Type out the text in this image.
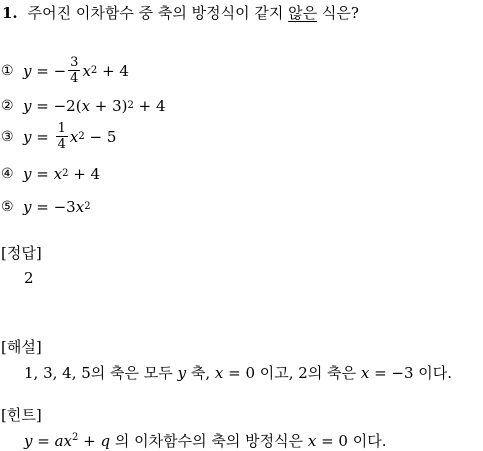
1. 주어진 이차함수 중 축의 방정식이 같지 않은 식은?
① y = − $\frac{3}{4}$ x 2 + 4
② y = −2( x + 3) 2 + 4
③ $y = \frac{1}{4}$ x 2 − 5
④ y = x 2 + 4
⑤ y = −3 x 2
[정답]
2
[해설]
1, 3, 4, 5의 축은 모두 y 축, x = 0 이고, 2의 축은 x = −3 이다.
[힌트]
$y = ax^2 + q$ 의 이차함수의 축의 방정식은 x = 0 이다.
